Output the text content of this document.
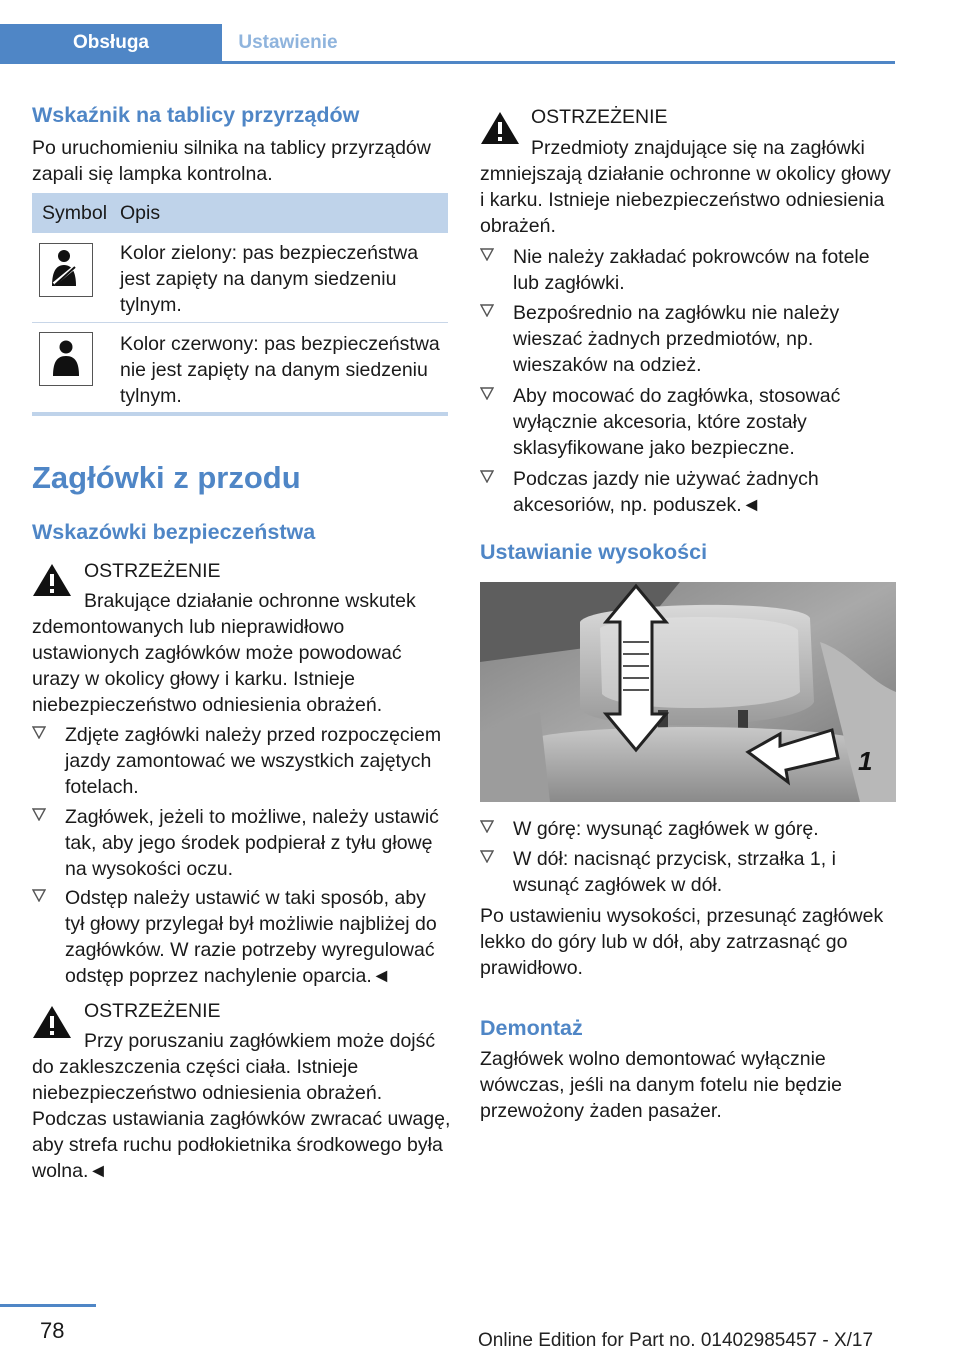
Obsługa	Ustawienie
Wskaźnik na tablicy przyrządów
Po uruchomieniu silnika na tablicy przyrządów zapali się lampka kontrolna.
Symbol Opis
Kolor zielony: pas bezpieczeństwa jest zapięty na danym siedzeniu tylnym.
Kolor czerwony: pas bezpieczeństwa nie jest zapięty na danym siedzeniu tylnym.
Zagłówki z przodu
Wskazówki bezpieczeństwa
OSTRZEŻENIE
Brakujące działanie ochronne wskutek zdemontowanych lub nieprawidłowo ustawionych zagłówków może powodować urazy w okolicy głowy i karku. Istnieje niebezpieczeństwo odniesienia obrażeń.
Zdjęte zagłówki należy przed rozpoczęciem jazdy zamontować we wszystkich zajętych fotelach.
Zagłówek, jeżeli to możliwe, należy ustawić tak, aby jego środek podpierał z tyłu głowę na wysokości oczu.
Odstęp należy ustawić w taki sposób, aby tył głowy przylegał był możliwie najbliżej do zagłówków. W razie potrzeby wyregulować odstęp poprzez nachylenie oparcia.◄
OSTRZEŻENIE
Przy poruszaniu zagłówkiem może dojść do zakleszczenia części ciała. Istnieje niebezpieczeństwo odniesienia obrażeń. Podczas ustawiania zagłówków zwracać uwagę, aby strefa ruchu podłokietnika środkowego była wolna.◄
OSTRZEŻENIE
Przedmioty znajdujące się na zagłówki zmniejszają działanie ochronne w okolicy głowy i karku. Istnieje niebezpieczeństwo odniesienia obrażeń.
Nie należy zakładać pokrowców na fotele lub zagłówki.
Bezpośrednio na zagłówku nie należy wieszać żadnych przedmiotów, np. wieszaków na odzież.
Aby mocować do zagłówka, stosować wyłącznie akcesoria, które zostały sklasyfikowane jako bezpieczne.
Podczas jazdy nie używać żadnych akcesoriów, np. poduszek.◄
Ustawianie wysokości
1
W górę: wysunąć zagłówek w górę.
W dół: nacisnąć przycisk, strzałka 1, i wsunąć zagłówek w dół.
Po ustawieniu wysokości, przesunąć zagłówek lekko do góry lub w dół, aby zatrzasnąć go prawidłowo.
Demontaż
Zagłówek wolno demontować wyłącznie wówczas, jeśli na danym fotelu nie będzie przewożony żaden pasażer.
78	Online Edition for Part no. 01402985457 - X/17
